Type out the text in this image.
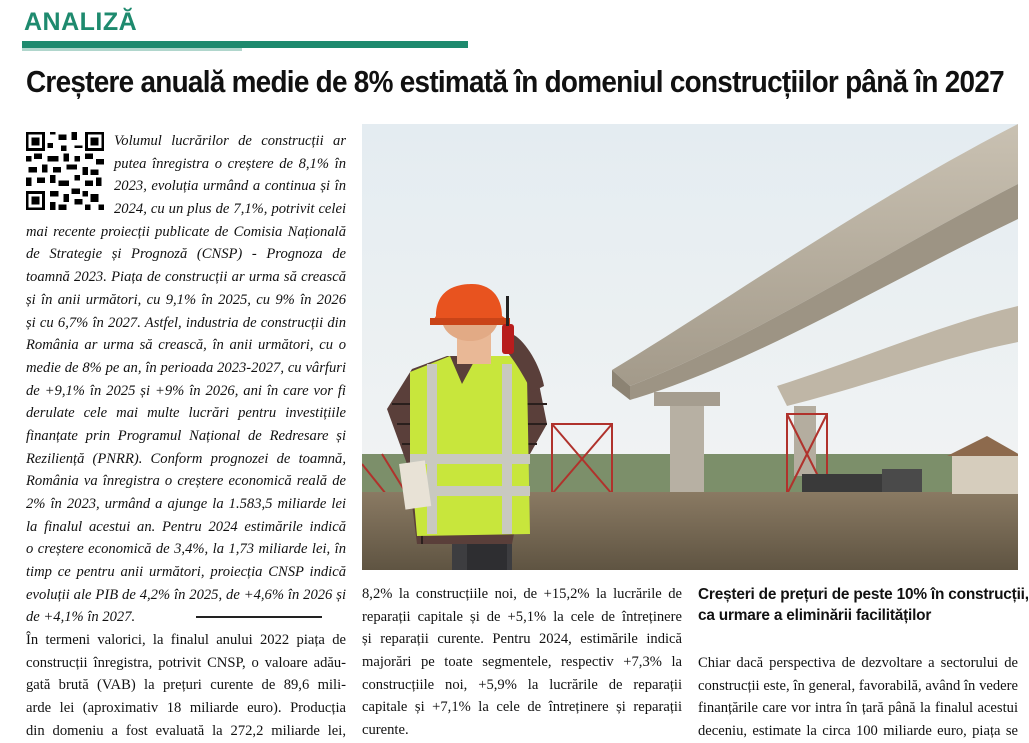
ANALIZĂ
Creștere anuală medie de 8% estimată în domeniul construcțiilor până în 2027
Volumul lucrărilor de construcții ar
putea înregistra o creștere de 8,1% în
2023, evoluția urmând a continua și în
2024, cu un plus de 7,1%, potrivit celei
mai recente proiecții publicate de Comisia Națională
de Strategie și Prognoză (CNSP) - Prognoza de
toamnă 2023. Piața de construcții ar urma să crească
și în anii următori, cu 9,1% în 2025, cu 9% în 2026
și cu 6,7% în 2027. Astfel, industria de construcții din
România ar urma să crească, în anii următori, cu o
medie de 8% pe an, în perioada 2023-2027, cu vârfuri
de +9,1% în 2025 și +9% în 2026, ani în care vor fi
derulate cele mai multe lucrări pentru investițiile
finanțate prin Programul Național de Redresare și
Reziliență (PNRR). Conform prognozei de toamnă,
România va înregistra o creștere economică reală de
2% în 2023, urmând a ajunge la 1.583,5 miliarde lei
la finalul acestui an. Pentru 2024 estimările indică
o creștere economică de 3,4%, la 1,73 miliarde lei, în
timp ce pentru anii următori, proiecția CNSP indică
evoluții ale PIB de 4,2% în 2025, de +4,6% în 2026 și
de +4,1% în 2027.
În termeni valorici, la finalul anului 2022 piața de
construcții înregistra, potrivit CNSP, o valoare adău-
gată brută (VAB) la prețuri curente de 89,6 mili-
arde lei (aproximativ 18 miliarde euro). Producția
din domeniu a fost evaluată la 272,2 miliarde lei,
8,2% la construcțiile noi, de +15,2% la lucrările de
reparații capitale și de +5,1% la cele de întreținere
și reparații curente. Pentru 2024, estimările indică
majorări pe toate segmentele, respectiv +7,3% la
construcțiile noi, +5,9% la lucrările de reparații
capitale și +7,1% la cele de întreținere și reparații
curente.
Creșteri de prețuri de peste 10% în construcții,
ca urmare a eliminării facilităților
Chiar dacă perspectiva de dezvoltare a sectorului de
construcții este, în general, favorabilă, având în vedere
finanțările care vor intra în țară până la finalul acestui
deceniu, estimate la circa 100 miliarde euro, piața se
